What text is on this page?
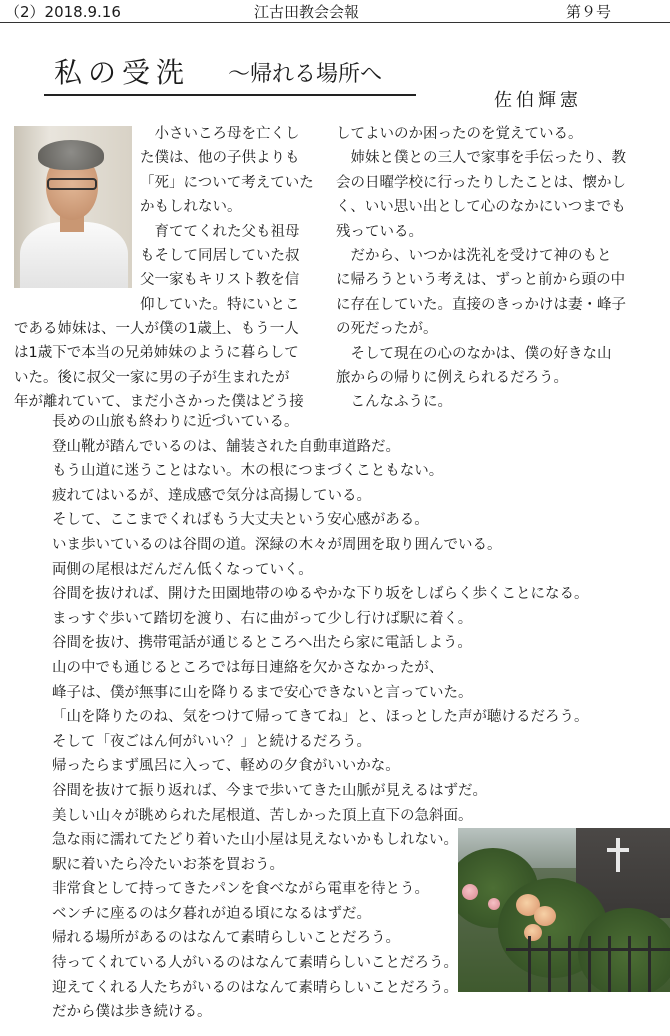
（2）2018.9.16	江古田教会会報	第９号
私の受洗 ～帰れる場所へ
佐伯輝憲

　小さいころ母を亡くし

た僕は、他の子供よりも

「死」について考えていた

かもしれない。

　育ててくれた父も祖母

もそして同居していた叔

父一家もキリスト教を信

仰していた。特にいとこ

である姉妹は、一人が僕の1歳上、もう一人

は1歳下で本当の兄弟姉妹のように暮らして

いた。後に叔父一家に男の子が生まれたが

年が離れていて、まだ小さかった僕はどう接

してよいのか困ったのを覚えている。

　姉妹と僕との三人で家事を手伝ったり、教

会の日曜学校に行ったりしたことは、懐かし

く、いい思い出として心のなかにいつまでも

残っている。

　だから、いつかは洗礼を受けて神のもと

に帰ろうという考えは、ずっと前から頭の中

に存在していた。直接のきっかけは妻・峰子

の死だったが。

　そして現在の心のなかは、僕の好きな山

旅からの帰りに例えられるだろう。

　こんなふうに。

長めの山旅も終わりに近づいている。

登山靴が踏んでいるのは、舗装された自動車道路だ。

もう山道に迷うことはない。木の根につまづくこともない。

疲れてはいるが、達成感で気分は高揚している。

そして、ここまでくればもう大丈夫という安心感がある。

いま歩いているのは谷間の道。深緑の木々が周囲を取り囲んでいる。

両側の尾根はだんだん低くなっていく。

谷間を抜ければ、開けた田園地帯のゆるやかな下り坂をしばらく歩くことになる。

まっすぐ歩いて踏切を渡り、右に曲がって少し行けば駅に着く。

谷間を抜け、携帯電話が通じるところへ出たら家に電話しよう。

山の中でも通じるところでは毎日連絡を欠かさなかったが、

峰子は、僕が無事に山を降りるまで安心できないと言っていた。

「山を降りたのね、気をつけて帰ってきてね」と、ほっとした声が聴けるだろう。

そして「夜ごはん何がいい？」と続けるだろう。

帰ったらまず風呂に入って、軽めの夕食がいいかな。

谷間を抜けて振り返れば、今まで歩いてきた山脈が見えるはずだ。

美しい山々が眺められた尾根道、苦しかった頂上直下の急斜面。

急な雨に濡れてたどり着いた山小屋は見えないかもしれない。

駅に着いたら冷たいお茶を買おう。

非常食として持ってきたパンを食べながら電車を待とう。

ベンチに座るのは夕暮れが迫る頃になるはずだ。

帰れる場所があるのはなんて素晴らしいことだろう。

待ってくれている人がいるのはなんて素晴らしいことだろう。

迎えてくれる人たちがいるのはなんて素晴らしいことだろう。

だから僕は歩き続ける。
